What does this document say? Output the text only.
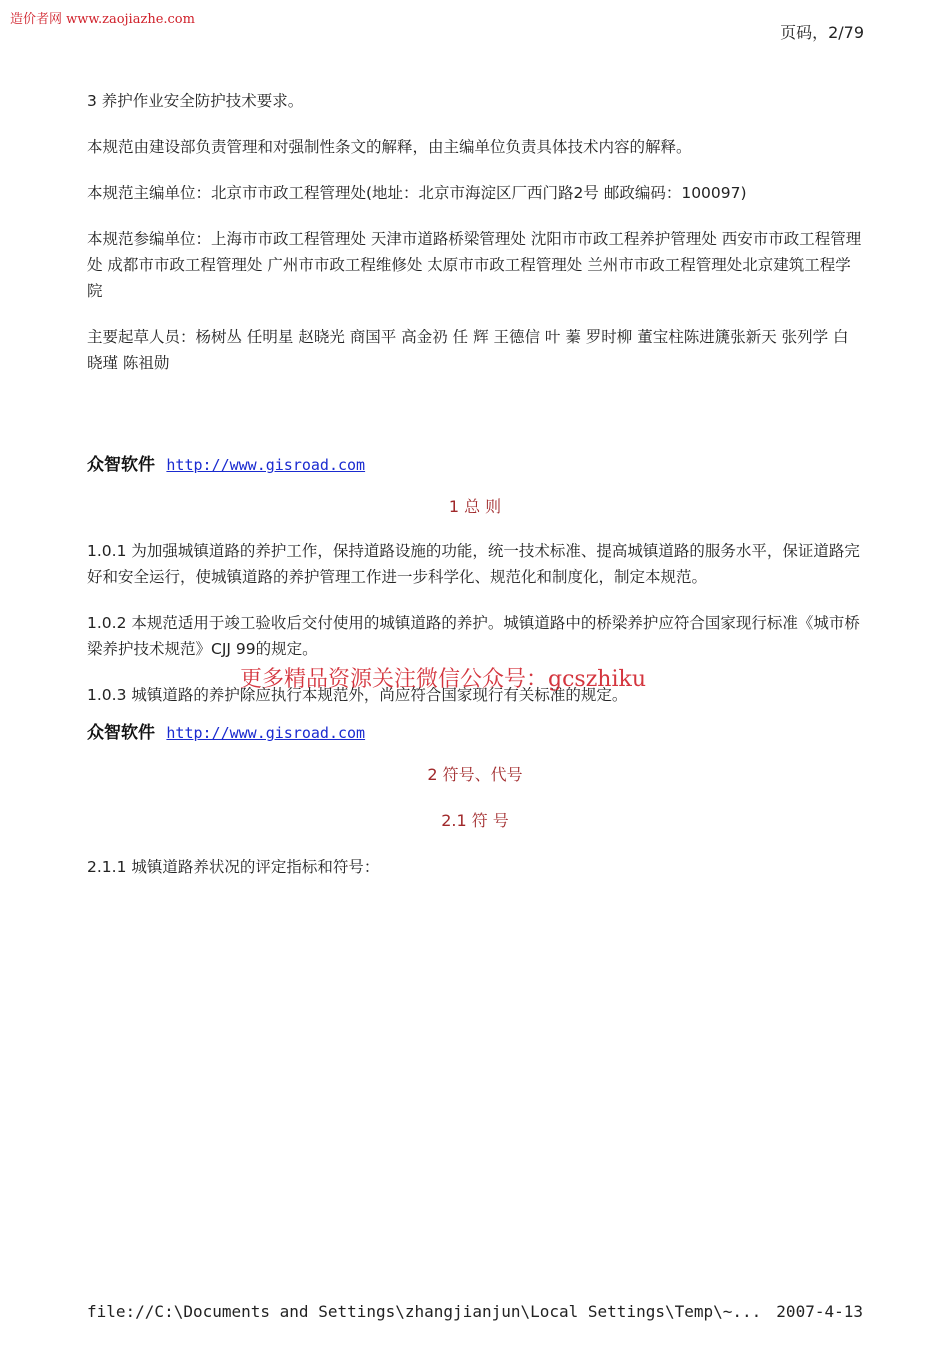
造价者网 www.zaojiazhe.com
页码，2/79

3 养护作业安全防护技术要求。

本规范由建设部负责管理和对强制性条文的解释，由主编单位负责具体技术内容的解释。

本规范主编单位：北京市市政工程管理处(地址：北京市海淀区厂西门路2号 邮政编码：100097)

本规范参编单位：上海市市政工程管理处 天津市道路桥梁管理处 沈阳市市政工程养护管理处 西安市市政工程管理处 成都市市政工程管理处 广州市市政工程维修处 太原市市政工程管理处 兰州市市政工程管理处北京建筑工程学院

主要起草人员：杨树丛 任明星 赵晓光 商国平 高金礽 任 辉 王德信 叶 蓁 罗时柳 董宝柱陈进篪张新天 张列学 白晓瑾 陈祖勋

众智软件 http://www.gisroad.com

1 总 则

1.0.1 为加强城镇道路的养护工作，保持道路设施的功能，统一技术标准、提高城镇道路的服务水平，保证道路完好和安全运行，使城镇道路的养护管理工作进一步科学化、规范化和制度化，制定本规范。

1.0.2 本规范适用于竣工验收后交付使用的城镇道路的养护。城镇道路中的桥梁养护应符合国家现行标准《城市桥梁养护技术规范》CJJ 99的规定。

1.0.3 城镇道路的养护除应执行本规范外，尚应符合国家现行有关标准的规定。

众智软件 http://www.gisroad.com

2 符号、代号

2.1 符 号

2.1.1 城镇道路养状况的评定指标和符号：

更多精品资源关注微信公众号：gcszhiku
file://C:\Documents and Settings\zhangjianjun\Local Settings\Temp\~... 2007-4-13
